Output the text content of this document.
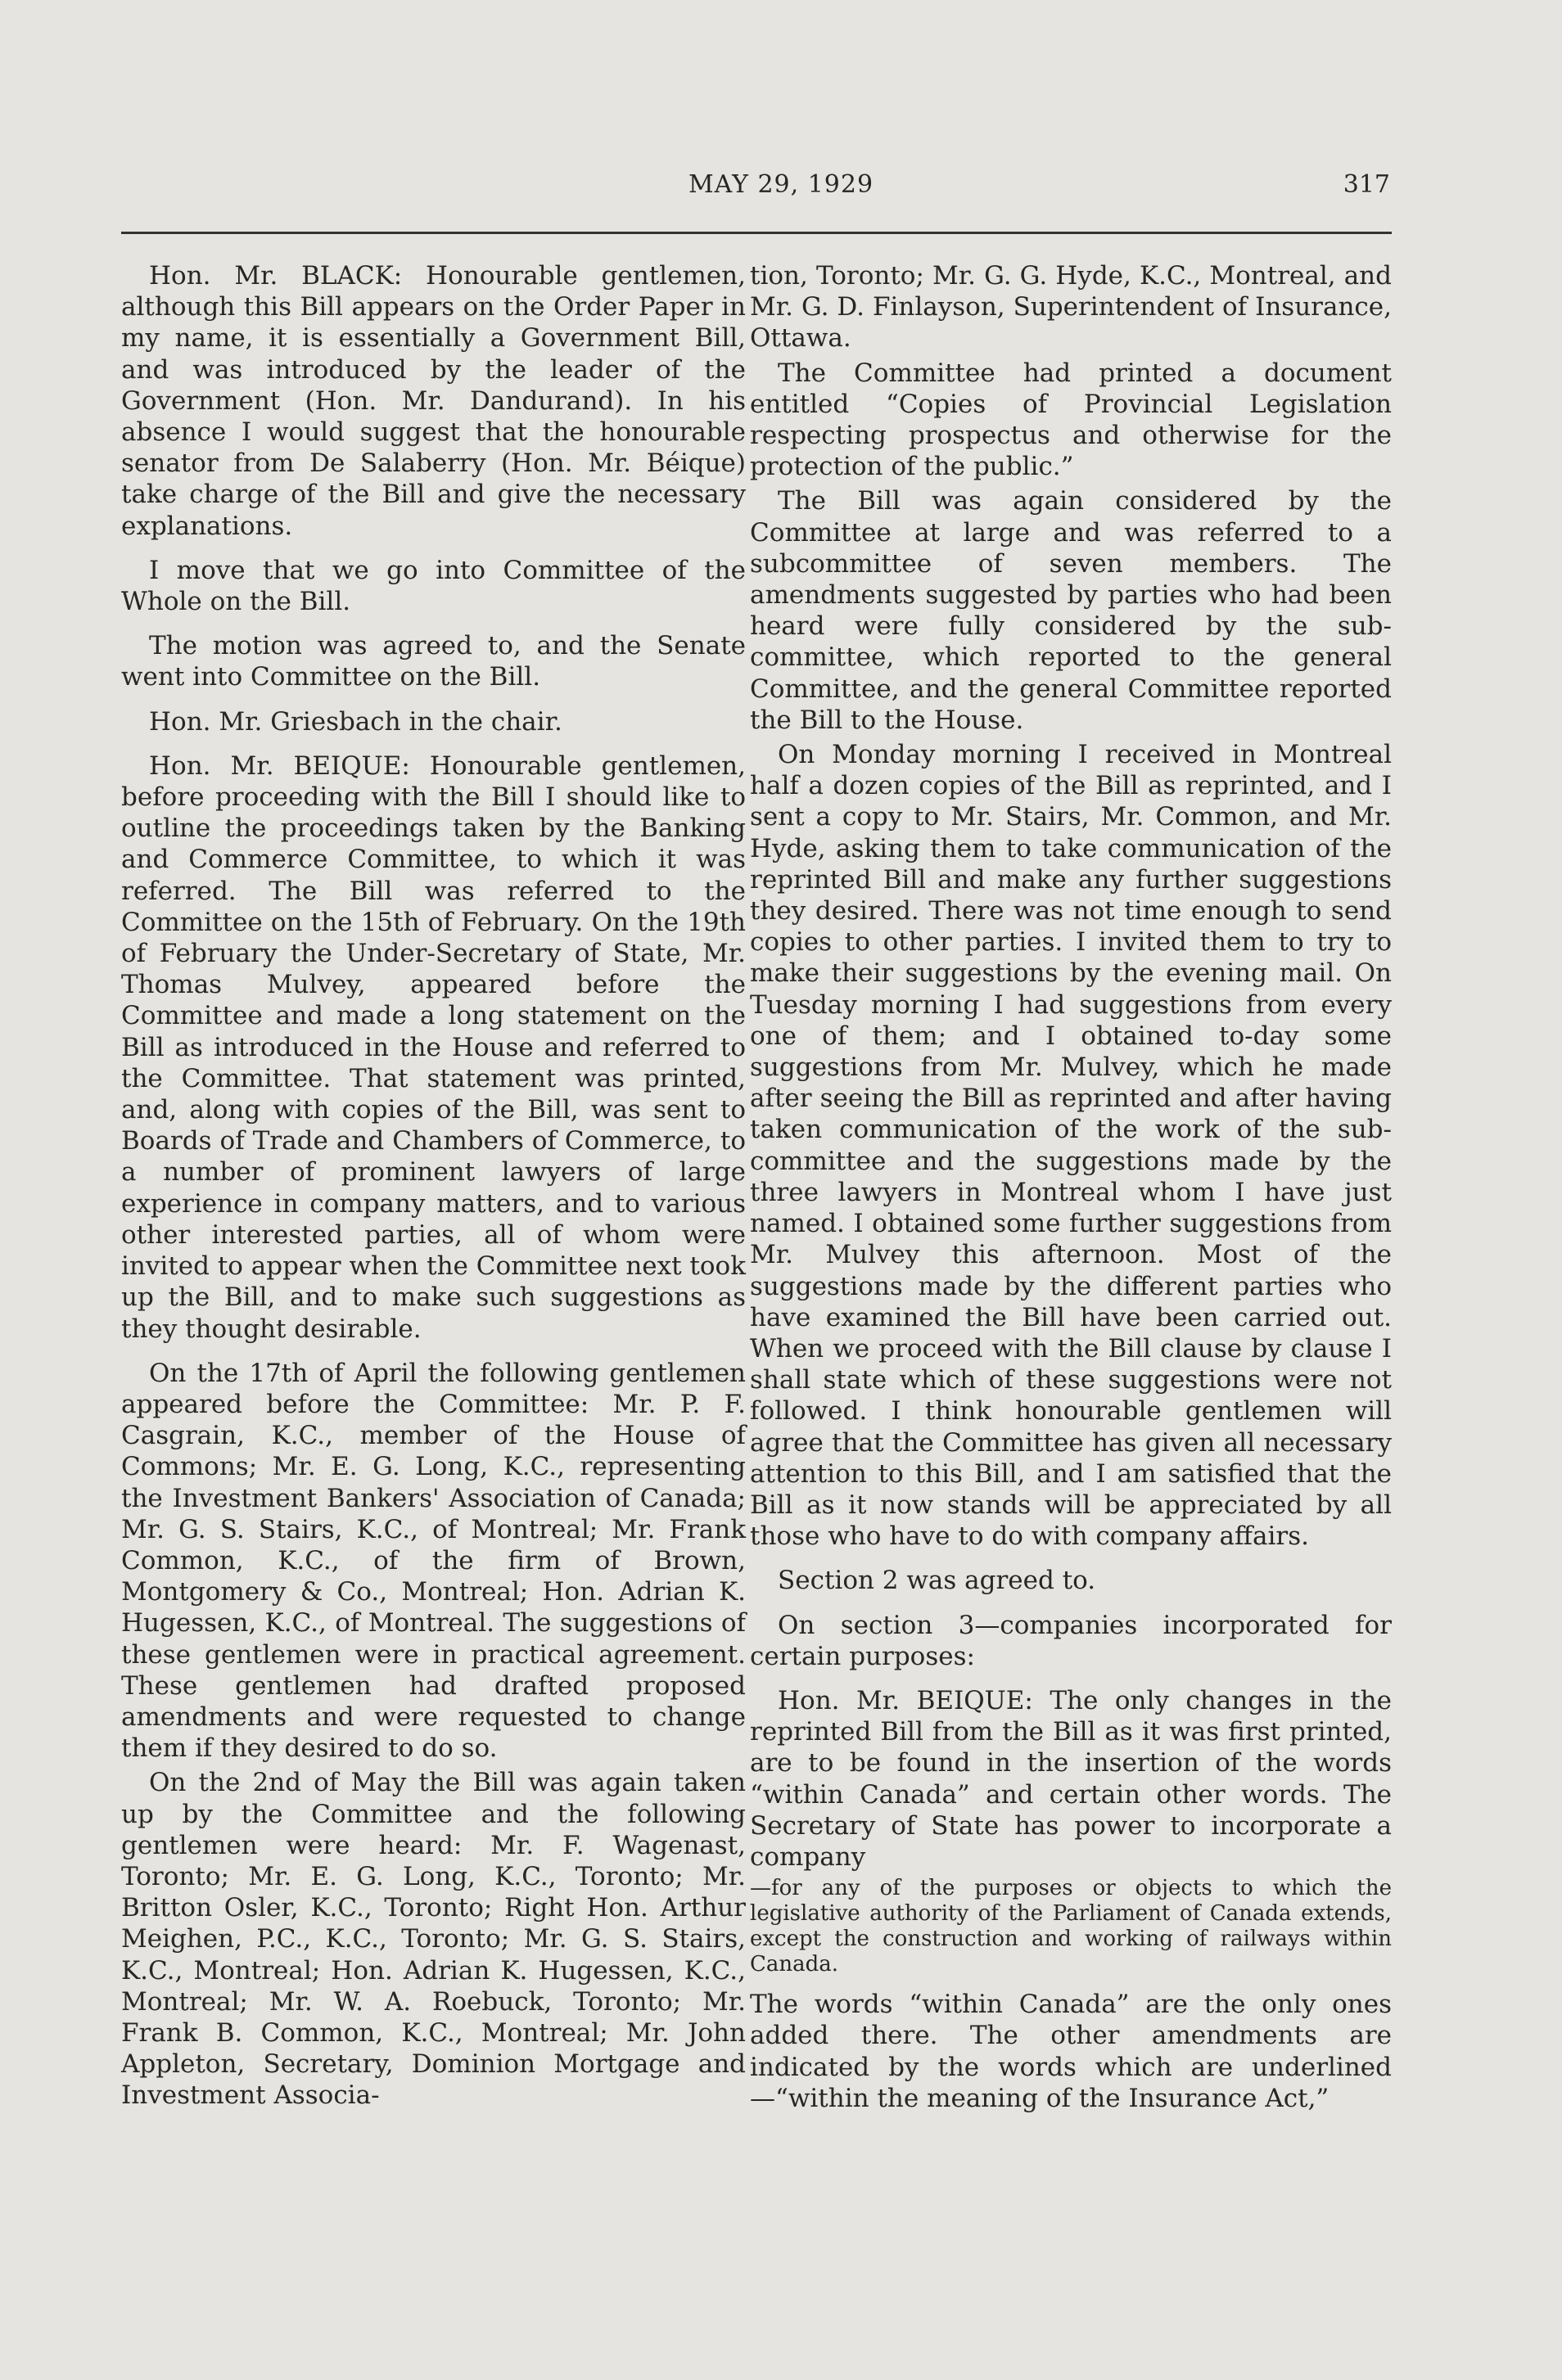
MAY 29, 1929	317

Hon. Mr. BLACK: Honourable gentlemen, although this Bill appears on the Order Paper in my name, it is essentially a Government Bill, and was introduced by the leader of the Government (Hon. Mr. Dandurand). In his absence I would suggest that the honourable senator from De Salaberry (Hon. Mr. Béique) take charge of the Bill and give the necessary explanations.

I move that we go into Committee of the Whole on the Bill.

The motion was agreed to, and the Senate went into Committee on the Bill.

Hon. Mr. Griesbach in the chair.

Hon. Mr. BEIQUE: Honourable gentlemen, before proceeding with the Bill I should like to outline the proceedings taken by the Banking and Commerce Committee, to which it was referred. The Bill was referred to the Committee on the 15th of February. On the 19th of February the Under-Secretary of State, Mr. Thomas Mulvey, appeared before the Committee and made a long statement on the Bill as introduced in the House and referred to the Committee. That statement was printed, and, along with copies of the Bill, was sent to Boards of Trade and Chambers of Commerce, to a number of prominent lawyers of large experience in company matters, and to various other interested parties, all of whom were invited to appear when the Committee next took up the Bill, and to make such suggestions as they thought desirable.

On the 17th of April the following gentlemen appeared before the Committee: Mr. P. F. Casgrain, K.C., member of the House of Commons; Mr. E. G. Long, K.C., representing the Investment Bankers' Association of Canada; Mr. G. S. Stairs, K.C., of Montreal; Mr. Frank Common, K.C., of the firm of Brown, Montgomery & Co., Montreal; Hon. Adrian K. Hugessen, K.C., of Montreal. The suggestions of these gentlemen were in practical agreement. These gentlemen had drafted proposed amendments and were requested to change them if they desired to do so.

On the 2nd of May the Bill was again taken up by the Committee and the following gentlemen were heard: Mr. F. Wagenast, Toronto; Mr. E. G. Long, K.C., Toronto; Mr. Britton Osler, K.C., Toronto; Right Hon. Arthur Meighen, P.C., K.C., Toronto; Mr. G. S. Stairs, K.C., Montreal; Hon. Adrian K. Hugessen, K.C., Montreal; Mr. W. A. Roebuck, Toronto; Mr. Frank B. Common, K.C., Montreal; Mr. John Appleton, Secretary, Dominion Mortgage and Investment Associa-

tion, Toronto; Mr. G. G. Hyde, K.C., Montreal, and Mr. G. D. Finlayson, Superintendent of Insurance, Ottawa.

The Committee had printed a document entitled “Copies of Provincial Legislation respecting prospectus and otherwise for the protection of the public.”

The Bill was again considered by the Committee at large and was referred to a subcommittee of seven members. The amendments suggested by parties who had been heard were fully considered by the sub-committee, which reported to the general Committee, and the general Committee reported the Bill to the House.

On Monday morning I received in Montreal half a dozen copies of the Bill as reprinted, and I sent a copy to Mr. Stairs, Mr. Common, and Mr. Hyde, asking them to take communication of the reprinted Bill and make any further suggestions they desired. There was not time enough to send copies to other parties. I invited them to try to make their suggestions by the evening mail. On Tuesday morning I had suggestions from every one of them; and I obtained to-day some suggestions from Mr. Mulvey, which he made after seeing the Bill as reprinted and after having taken communication of the work of the sub-committee and the suggestions made by the three lawyers in Montreal whom I have just named. I obtained some further suggestions from Mr. Mulvey this afternoon. Most of the suggestions made by the different parties who have examined the Bill have been carried out. When we proceed with the Bill clause by clause I shall state which of these suggestions were not followed. I think honourable gentlemen will agree that the Committee has given all necessary attention to this Bill, and I am satisfied that the Bill as it now stands will be appreciated by all those who have to do with company affairs.

Section 2 was agreed to.

On section 3—companies incorporated for certain purposes:

Hon. Mr. BEIQUE: The only changes in the reprinted Bill from the Bill as it was first printed, are to be found in the insertion of the words “within Canada” and certain other words. The Secretary of State has power to incorporate a company

—for any of the purposes or objects to which the legislative authority of the Parliament of Canada extends, except the construction and working of railways within Canada.

The words “within Canada” are the only ones added there. The other amendments are indicated by the words which are underlined—“within the meaning of the Insurance Act,”
